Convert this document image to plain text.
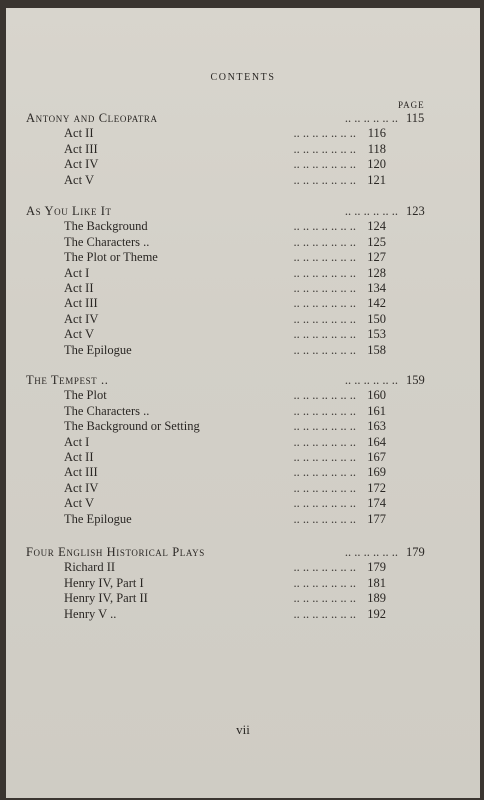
CONTENTS
PAGE
Antony and Cleopatra	.. .. .. .. .. .. 115
Act II	.. .. .. .. .. .. .. 116
Act III	.. .. .. .. .. .. .. 118
Act IV	.. .. .. .. .. .. .. 120
Act V	.. .. .. .. .. .. .. 121
As You Like It	.. .. .. .. .. .. 123
The Background	.. .. .. .. .. .. .. 124
The Characters ..	.. .. .. .. .. .. .. 125
The Plot or Theme	.. .. .. .. .. .. .. 127
Act I	.. .. .. .. .. .. .. 128
Act II	.. .. .. .. .. .. .. 134
Act III	.. .. .. .. .. .. .. 142
Act IV	.. .. .. .. .. .. .. 150
Act V	.. .. .. .. .. .. .. 153
The Epilogue	.. .. .. .. .. .. .. 158
The Tempest ..	.. .. .. .. .. .. 159
The Plot	.. .. .. .. .. .. .. 160
The Characters ..	.. .. .. .. .. .. .. 161
The Background or Setting	.. .. .. .. .. .. .. 163
Act I	.. .. .. .. .. .. .. 164
Act II	.. .. .. .. .. .. .. 167
Act III	.. .. .. .. .. .. .. 169
Act IV	.. .. .. .. .. .. .. 172
Act V	.. .. .. .. .. .. .. 174
The Epilogue	.. .. .. .. .. .. .. 177
Four English Historical Plays	.. .. .. .. .. .. 179
Richard II	.. .. .. .. .. .. .. 179
Henry IV, Part I	.. .. .. .. .. .. .. 181
Henry IV, Part II	.. .. .. .. .. .. .. 189
Henry V ..	.. .. .. .. .. .. .. 192
vii
